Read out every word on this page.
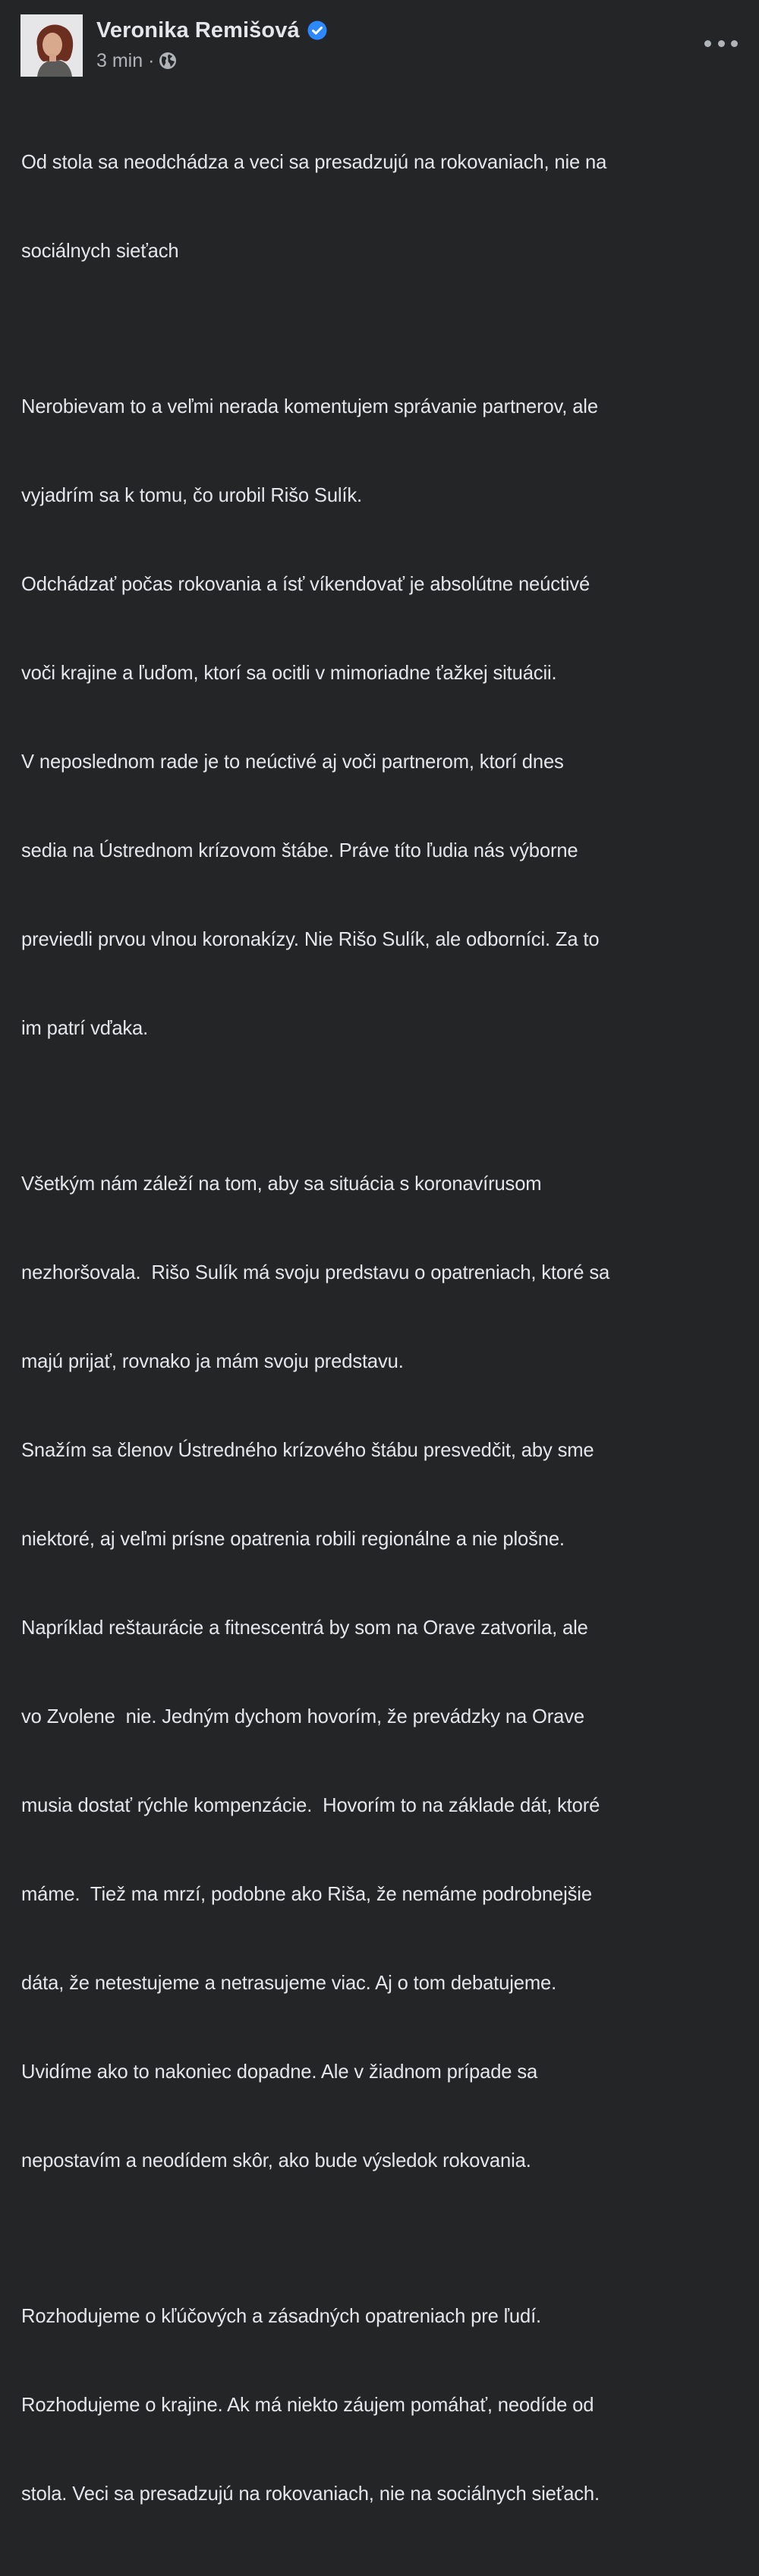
Veronika Remišová
3 min ·

Od stola sa neodchádza a veci sa presadzujú na rokovaniach, nie na

sociálnych sieťach

Nerobievam to a veľmi nerada komentujem správanie partnerov, ale

vyjadrím sa k tomu, čo urobil Rišo Sulík.

Odchádzať počas rokovania a ísť víkendovať je absolútne neúctivé

voči krajine a ľuďom, ktorí sa ocitli v mimoriadne ťažkej situácii.

V neposlednom rade je to neúctivé aj voči partnerom, ktorí dnes

sedia na Ústrednom krízovom štábe. Práve títo ľudia nás výborne

previedli prvou vlnou koronakízy. Nie Rišo Sulík, ale odborníci. Za to

im patrí vďaka.

Všetkým nám záleží na tom, aby sa situácia s koronavírusom

nezhoršovala.  Rišo Sulík má svoju predstavu o opatreniach, ktoré sa

majú prijať, rovnako ja mám svoju predstavu.

Snažím sa členov Ústredného krízového štábu presvedčit, aby sme

niektoré, aj veľmi prísne opatrenia robili regionálne a nie plošne.

Napríklad reštaurácie a fitnescentrá by som na Orave zatvorila, ale

vo Zvolene  nie. Jedným dychom hovorím, že prevádzky na Orave

musia dostať rýchle kompenzácie.  Hovorím to na základe dát, ktoré

máme.  Tiež ma mrzí, podobne ako Riša, že nemáme podrobnejšie

dáta, že netestujeme a netrasujeme viac. Aj o tom debatujeme.

Uvidíme ako to nakoniec dopadne. Ale v žiadnom prípade sa

nepostavím a neodídem skôr, ako bude výsledok rokovania.

Rozhodujeme o kľúčových a zásadných opatreniach pre ľudí.

Rozhodujeme o krajine. Ak má niekto záujem pomáhať, neodíde od

stola. Veci sa presadzujú na rokovaniach, nie na sociálnych sieťach.
